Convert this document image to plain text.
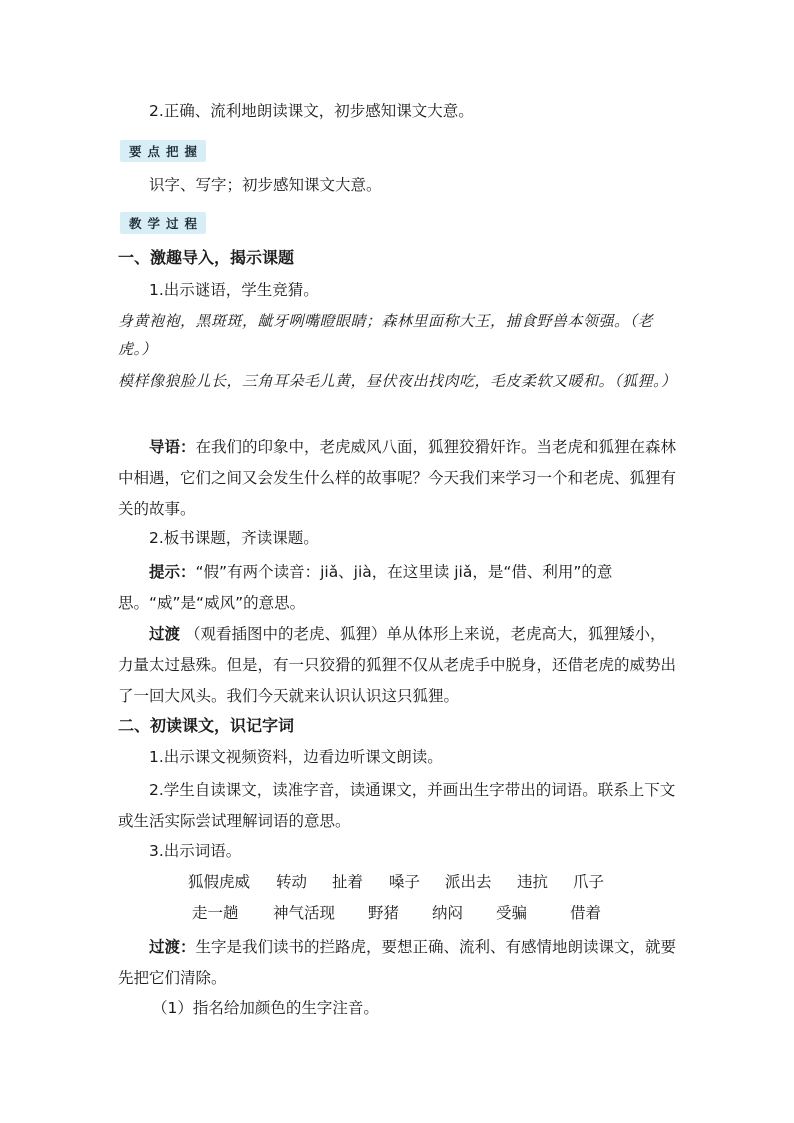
2.正确、流利地朗读课文，初步感知课文大意。

要点把握

识字、写字；初步感知课文大意。

教学过程

一、激趣导入，揭示课题

1.出示谜语，学生竞猜。

身黄袍袍，黑斑斑，龇牙咧嘴瞪眼睛；森林里面称大王，捕食野兽本领强。（老虎。）

模样像狼脸儿长，三角耳朵毛儿黄，昼伏夜出找肉吃，毛皮柔软又暖和。（狐狸。）

导语：在我们的印象中，老虎威风八面，狐狸狡猾奸诈。当老虎和狐狸在森林中相遇，它们之间又会发生什么样的故事呢？今天我们来学习一个和老虎、狐狸有关的故事。

2.板书课题，齐读课题。

提示：“假”有两个读音：jiǎ、jià，在这里读 jiǎ，是“借、利用”的意思。“威”是“威风”的意思。

过渡 （观看插图中的老虎、狐狸）单从体形上来说，老虎高大，狐狸矮小，力量太过悬殊。但是，有一只狡猾的狐狸不仅从老虎手中脱身，还借老虎的威势出了一回大风头。我们今天就来认识认识这只狐狸。

二、初读课文，识记字词

1.出示课文视频资料，边看边听课文朗读。

2.学生自读课文，读准字音，读通课文，并画出生字带出的词语。联系上下文或生活实际尝试理解词语的意思。

3.出示词语。

狐假虎威 转动 扯着 嗓子 派出去 违抗 爪子
走一趟 神气活现 野猪 纳闷 受骗	借着

过渡：生字是我们读书的拦路虎，要想正确、流利、有感情地朗读课文，就要先把它们清除。

（1）指名给加颜色的生字注音。
